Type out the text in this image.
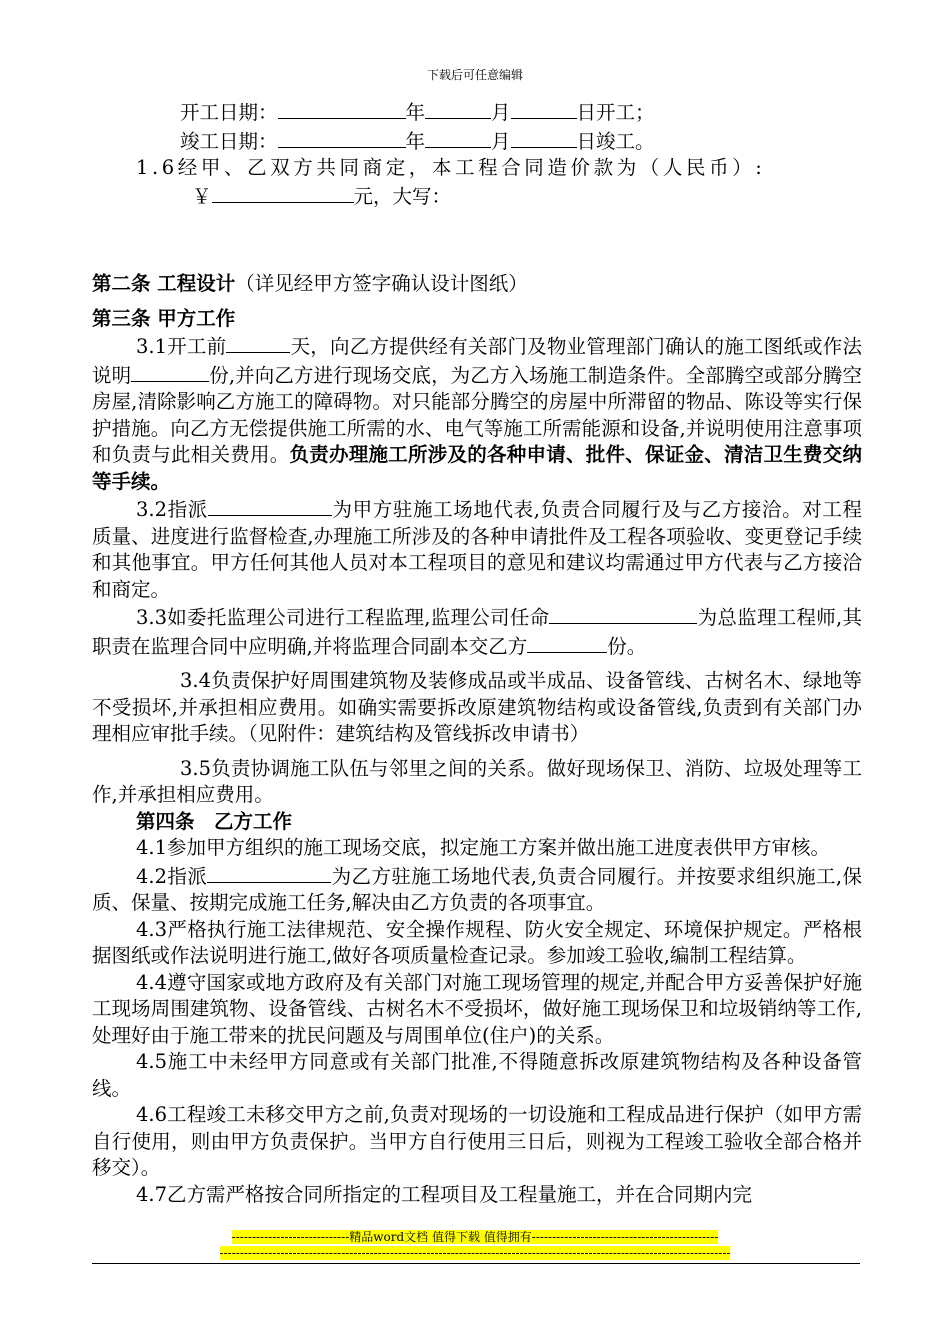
下载后可任意编辑

开工日期：	年	月	日开工；

竣工日期：	年	月	日竣工。

1.6经甲、乙双方共同商定，本工程合同造价款为（人民币）:

￥	元，大写：

第二条 工程设计（详见经甲方签字确认设计图纸）

第三条 甲方工作

3.1开工前	天，向乙方提供经有关部门及物业管理部门确认的施工图纸或作法说明	份,并向乙方进行现场交底，为乙方入场施工制造条件。全部腾空或部分腾空房屋,清除影响乙方施工的障碍物。对只能部分腾空的房屋中所滞留的物品、陈设等实行保护措施。向乙方无偿提供施工所需的水、电气等施工所需能源和设备,并说明使用注意事项和负责与此相关费用。负责办理施工所涉及的各种申请、批件、保证金、清洁卫生费交纳等手续。

3.2指派	为甲方驻施工场地代表,负责合同履行及与乙方接洽。对工程质量、进度进行监督检查,办理施工所涉及的各种申请批件及工程各项验收、变更登记手续和其他事宜。甲方任何其他人员对本工程项目的意见和建议均需通过甲方代表与乙方接洽和商定。

3.3如委托监理公司进行工程监理,监理公司任命	为总监理工程师,其职责在监理合同中应明确,并将监理合同副本交乙方	份。

3.4负责保护好周围建筑物及装修成品或半成品、设备管线、古树名木、绿地等不受损坏,并承担相应费用。如确实需要拆改原建筑物结构或设备管线,负责到有关部门办理相应审批手续。（见附件：建筑结构及管线拆改申请书）

3.5负责协调施工队伍与邻里之间的关系。做好现场保卫、消防、垃圾处理等工作,并承担相应费用。

第四条　乙方工作

4.1参加甲方组织的施工现场交底，拟定施工方案并做出施工进度表供甲方审核。

4.2指派	为乙方驻施工场地代表,负责合同履行。并按要求组织施工,保质、保量、按期完成施工任务,解决由乙方负责的各项事宜。

4.3严格执行施工法律规范、安全操作规程、防火安全规定、环境保护规定。严格根据图纸或作法说明进行施工,做好各项质量检查记录。参加竣工验收,编制工程结算。

4.4遵守国家或地方政府及有关部门对施工现场管理的规定,并配合甲方妥善保护好施工现场周围建筑物、设备管线、古树名木不受损坏，做好施工现场保卫和垃圾销纳等工作,处理好由于施工带来的扰民问题及与周围单位(住户)的关系。

4.5施工中未经甲方同意或有关部门批准,不得随意拆改原建筑物结构及各种设备管线。

4.6工程竣工未移交甲方之前,负责对现场的一切设施和工程成品进行保护（如甲方需自行使用，则由甲方负责保护。当甲方自行使用三日后，则视为工程竣工验收全部合格并移交）。

4.7乙方需严格按合同所指定的工程项目及工程量施工，并在合同期内完

-----------------------------精品word文档 值得下载 值得拥有----------------------------------------------
------------------------------------------------------------------------------------------------------------------------------
